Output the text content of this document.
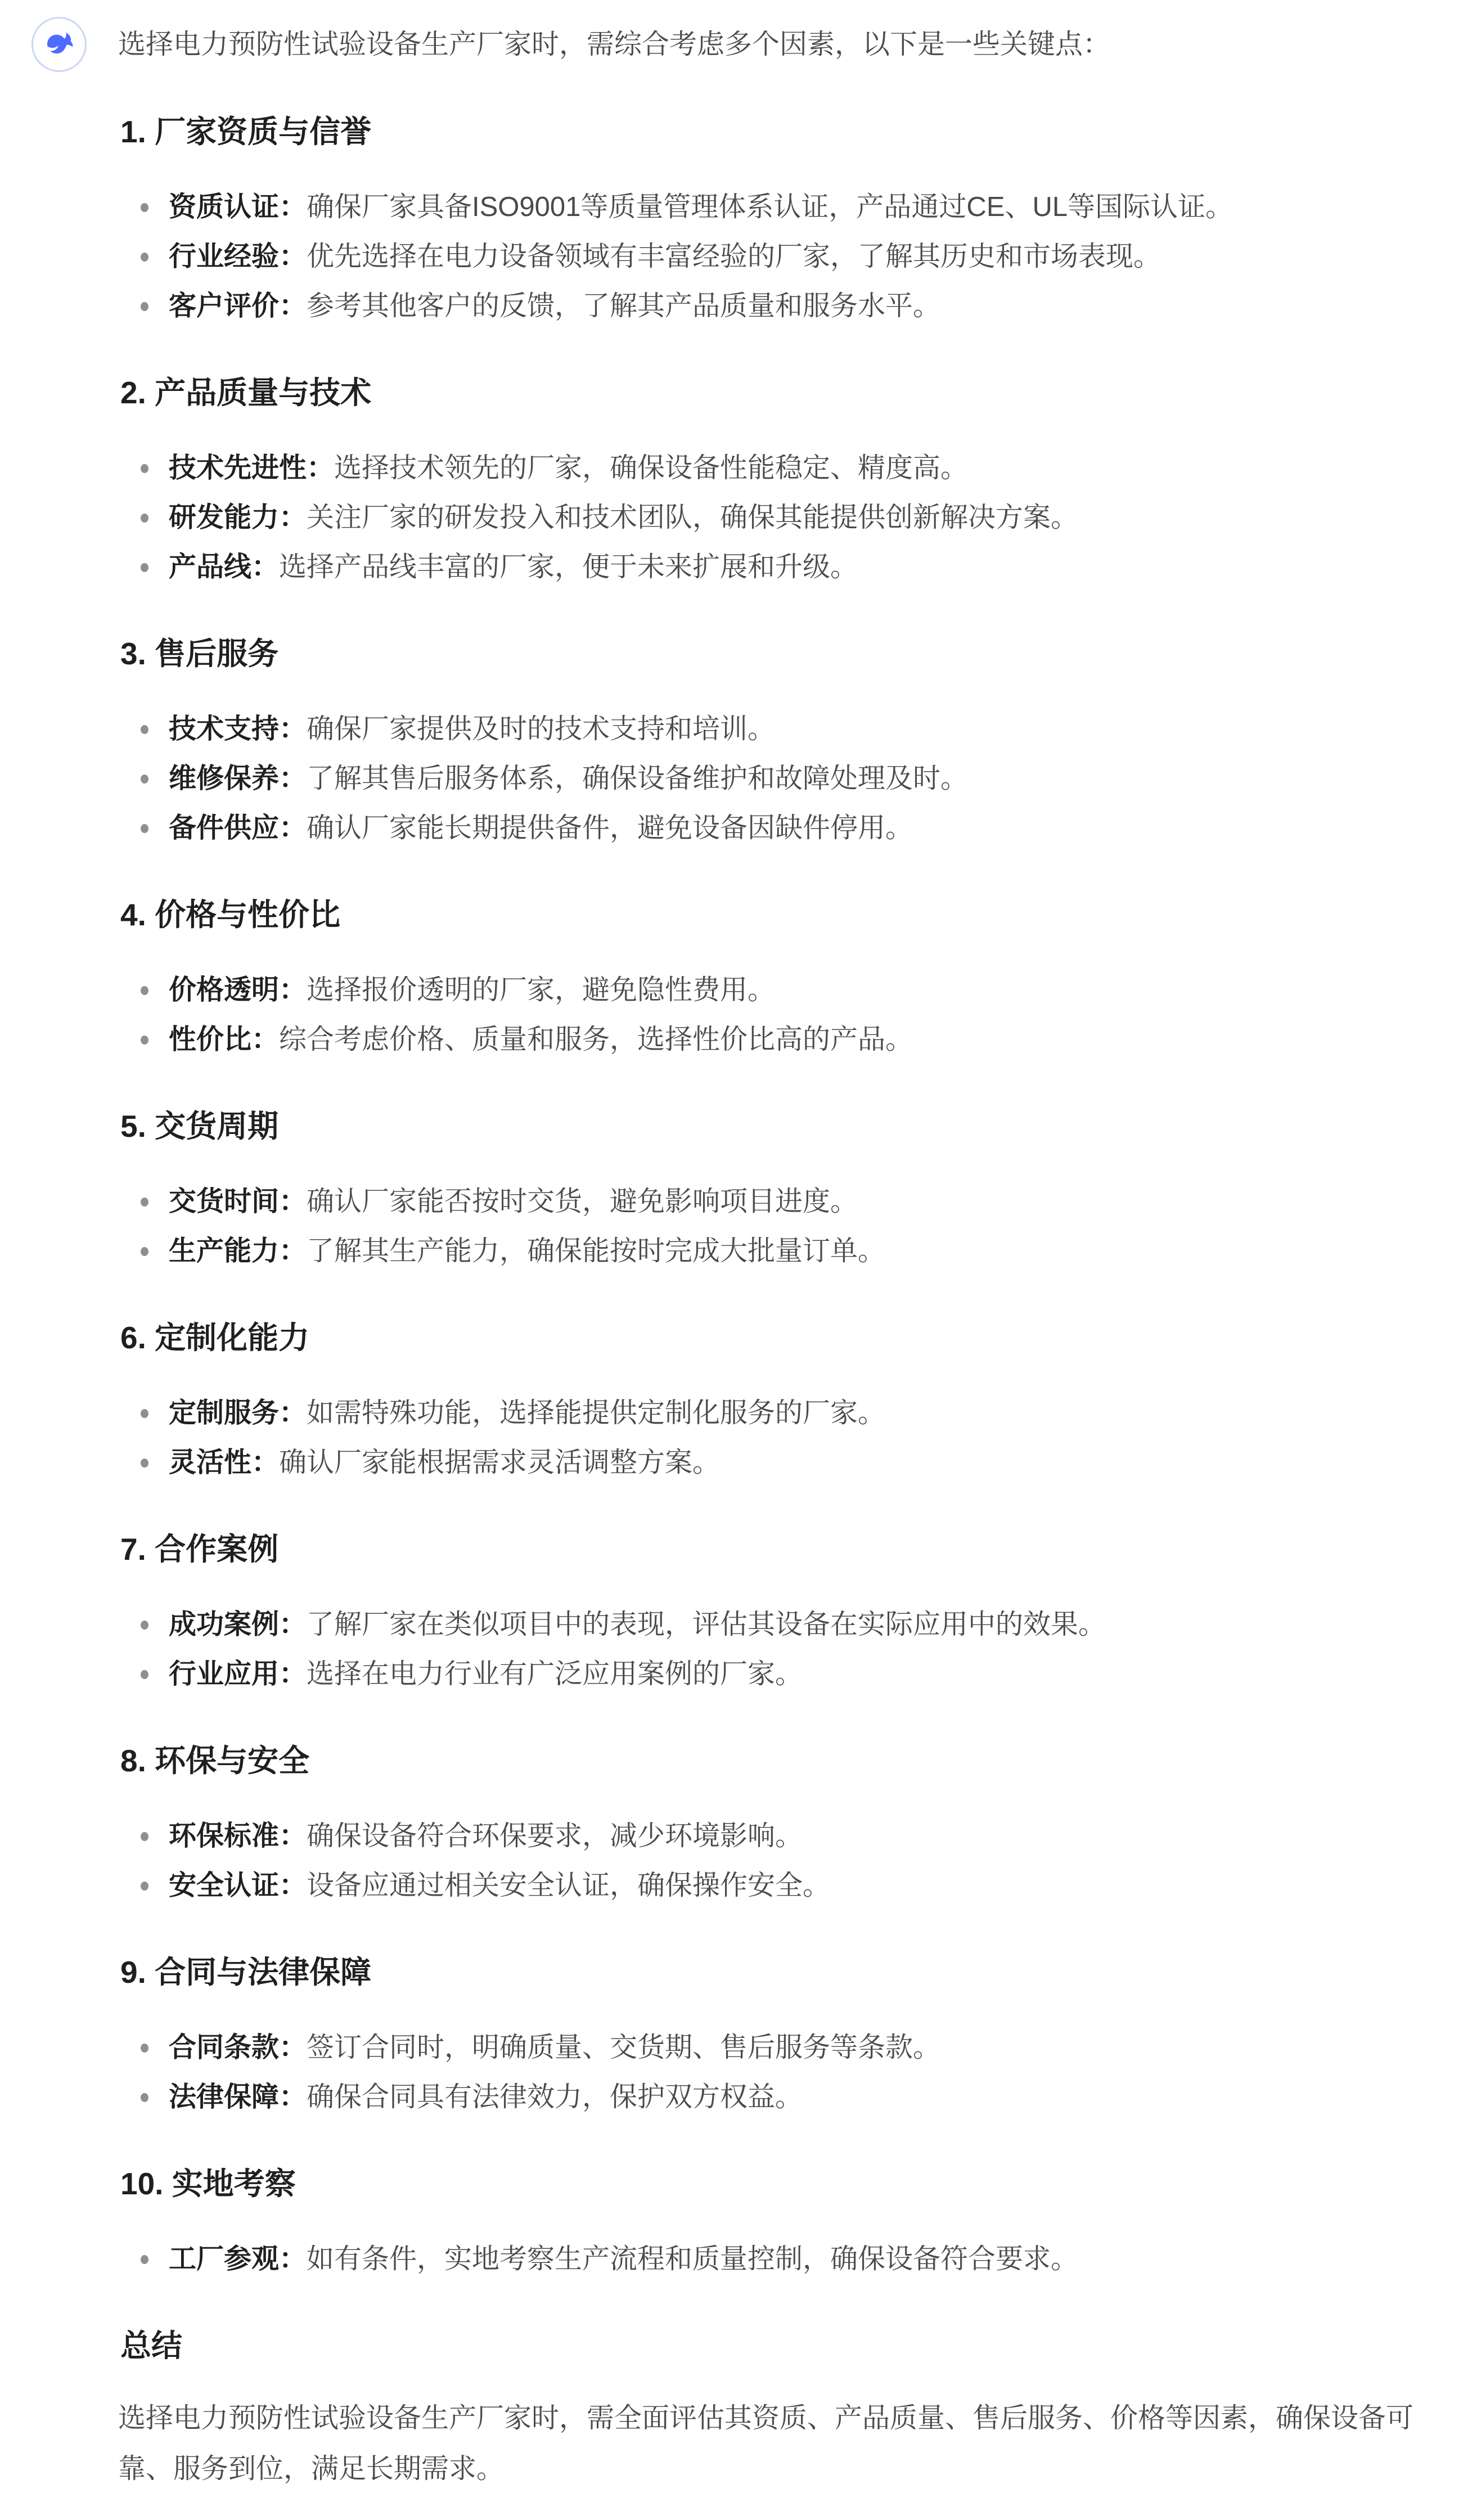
选择电力预防性试验设备生产厂家时，需综合考虑多个因素，以下是一些关键点：

1. 厂家资质与信誉
资质认证：确保厂家具备ISO9001等质量管理体系认证，产品通过CE、UL等国际认证。
行业经验：优先选择在电力设备领域有丰富经验的厂家，了解其历史和市场表现。
客户评价：参考其他客户的反馈，了解其产品质量和服务水平。
2. 产品质量与技术
技术先进性：选择技术领先的厂家，确保设备性能稳定、精度高。
研发能力：关注厂家的研发投入和技术团队，确保其能提供创新解决方案。
产品线：选择产品线丰富的厂家，便于未来扩展和升级。
3. 售后服务
技术支持：确保厂家提供及时的技术支持和培训。
维修保养：了解其售后服务体系，确保设备维护和故障处理及时。
备件供应：确认厂家能长期提供备件，避免设备因缺件停用。
4. 价格与性价比
价格透明：选择报价透明的厂家，避免隐性费用。
性价比：综合考虑价格、质量和服务，选择性价比高的产品。
5. 交货周期
交货时间：确认厂家能否按时交货，避免影响项目进度。
生产能力：了解其生产能力，确保能按时完成大批量订单。
6. 定制化能力
定制服务：如需特殊功能，选择能提供定制化服务的厂家。
灵活性：确认厂家能根据需求灵活调整方案。
7. 合作案例
成功案例：了解厂家在类似项目中的表现，评估其设备在实际应用中的效果。
行业应用：选择在电力行业有广泛应用案例的厂家。
8. 环保与安全
环保标准：确保设备符合环保要求，减少环境影响。
安全认证：设备应通过相关安全认证，确保操作安全。
9. 合同与法律保障
合同条款：签订合同时，明确质量、交货期、售后服务等条款。
法律保障：确保合同具有法律效力，保护双方权益。
10. 实地考察
工厂参观：如有条件，实地考察生产流程和质量控制，确保设备符合要求。
总结

选择电力预防性试验设备生产厂家时，需全面评估其资质、产品质量、售后服务、价格等因素，确保设备可靠、服务到位，满足长期需求。
